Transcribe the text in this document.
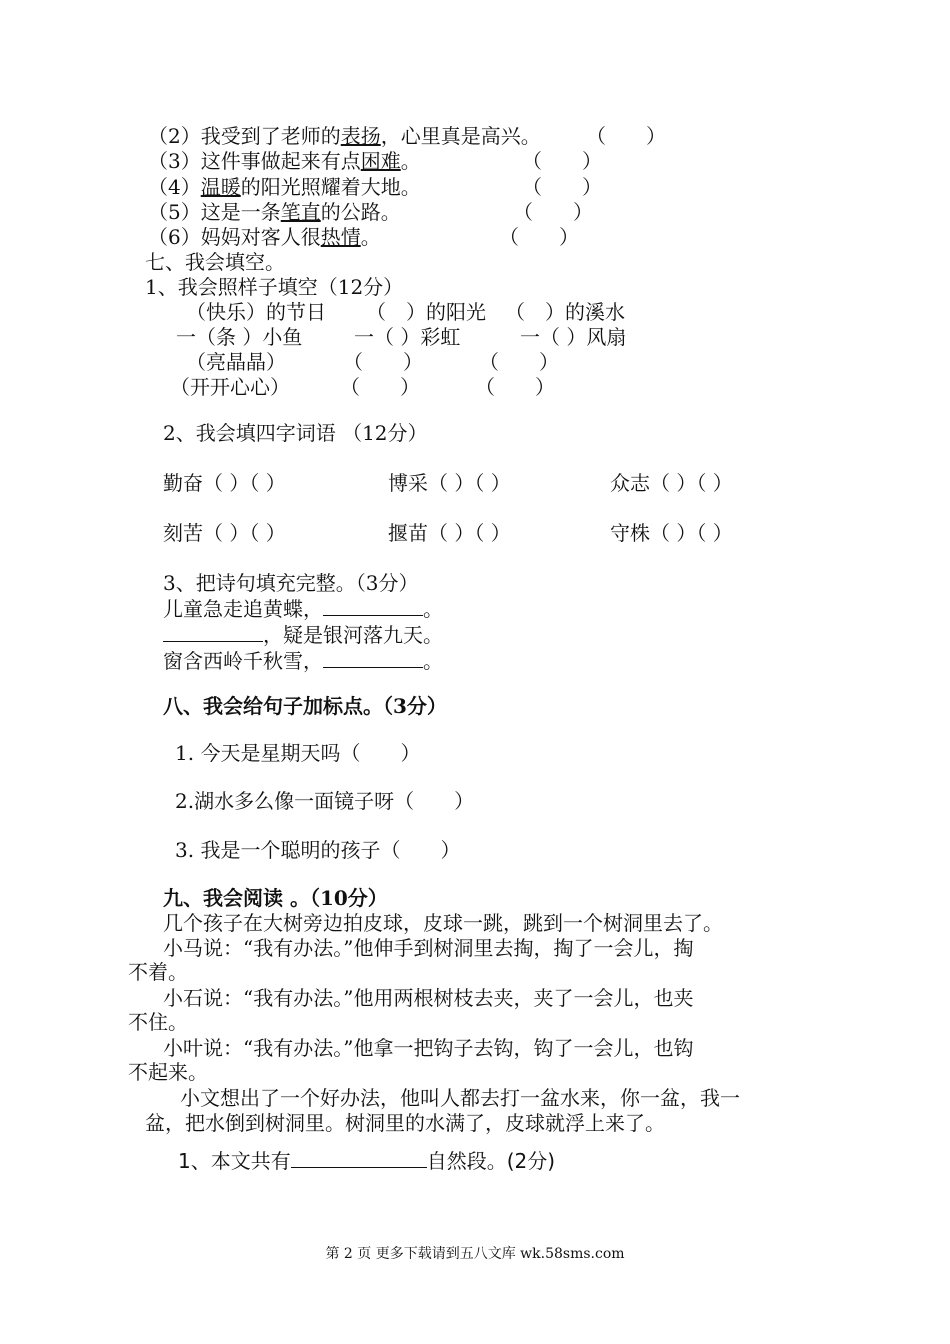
（2）我受到了老师的表扬，心里真是高兴。 （　　）
（3）这件事做起来有点困难。	（　　）
（4）温暖的阳光照耀着大地。	（　　）
（5）这是一条笔直的公路。	（　　）
（6）妈妈对客人很热情。	（　　）
七、我会填空。
1、我会照样子填空（12分）
（快乐）的节日 （　）的阳光 （　）的溪水
一（条 ）小鱼	一（ ）彩虹	一（ ）风扇
（亮晶晶）	（　　）	（　　）
（开开心心）	（　　）	（　　）
2、我会填四字词语 （12分）
勤奋（ ）（ ）	博采（ ）（ ）	众志（ ）（ ）
刻苦（ ）（ ）	揠苗（ ）（ ）	守株（ ）（ ）
3、把诗句填充完整。（3分）
儿童急走追黄蝶，	。
，疑是银河落九天。
窗含西岭千秋雪，	。
八、我会给句子加标点。（3分）
1. 今天是星期天吗（　　）
2.湖水多么像一面镜子呀（　　）
3. 我是一个聪明的孩子（　　）
九、我会阅读 。（10分）
几个孩子在大树旁边拍皮球，皮球一跳，跳到一个树洞里去了。
小马说：“我有办法。”他伸手到树洞里去掏，掏了一会儿，掏
不着。
小石说：“我有办法。”他用两根树枝去夹，夹了一会儿，也夹
不住。
小叶说：“我有办法。”他拿一把钩子去钩，钩了一会儿，也钩
不起来。
小文想出了一个好办法，他叫人都去打一盆水来，你一盆，我一
盆，把水倒到树洞里。树洞里的水满了，皮球就浮上来了。
1、本文共有	自然段。(2分)
第 2 页 更多下载请到五八文库 wk.58sms.com
